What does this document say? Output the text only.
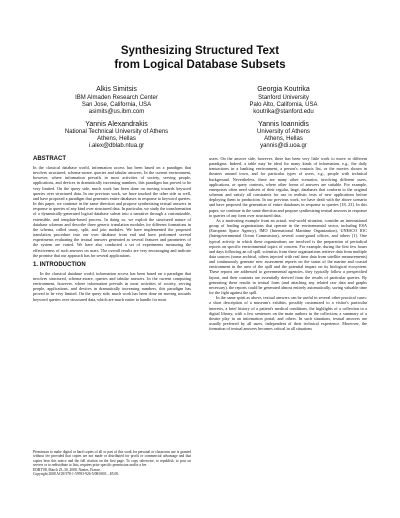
Synthesizing Structured Text
from Logical Database Subsets
Alkis Simitsis
IBM Almaden Research Center
San Jose, California, USA
asimits@us.ibm.com
Georgia Koutrika
Stanford University
Palo Alto, California, USA
koutrika@stanford.edu
Yannis Alexandrakis
National Technical University of Athens
Athens, Hellas
i.alex@dblab.ntua.gr
Yannis Ioannidis
University of Athens
Athens, Hellas
yannis@di.uoa.gr
ABSTRACT

In the classical database world, information access has been based on a paradigm that involves structured, schema-aware, queries and tabular answers. In the current environment, however, where information prevails in most activities of society, serving people, applications, and devices in dramatically increasing numbers, this paradigm has proved to be very limited. On the query side, much work has been done on moving towards keyword queries over structured data. In our previous work, we have touched the other side as well, and have proposed a paradigm that generates entire databases in response to keyword queries. In this paper, we continue in the same direction and propose synthesizing textual answers in response to queries of any kind over structured data. In particular, we study the transformation of a dynamically-generated logical database subset into a narrative through a customizable, extensible, and template-based process. In doing so, we exploit the structured nature of database schemas and describe three generic translation modules for different formations in the schema, called unary, split, and join modules. We have implemented the proposed translation procedure into our own database front end and have performed several experiments evaluating the textual answers generated as several features and parameters of the system are varied. We have also conducted a set of experiments measuring the effectiveness of such answers on users. The overall results are very encouraging and indicate the promise that our approach has for several applications.

1. INTRODUCTION

In the classical database world, information access has been based on a paradigm that involves structured, schema-aware, queries and tabular answers. In the current computing environment, however, where information prevails in most activities of society, serving people, applications, and devices in dramatically increasing numbers, this paradigm has proved to be very limited. On the query side, much work has been done on moving towards keyword queries over structured data, which are much easier to handle for most

users. On the answer side, however, there has been very little work to move to different paradigms. Indeed, a table may be ideal for many kinds of information, e.g., the daily transactions in a banking environment, a person's contacts list, or the movies shown in theaters around town, and for particular types of users, e.g., people with technical background. Nevertheless, there are many other scenarios, involving different users, applications, or query contexts, where other forms of answers are suitable. For example, enterprises often need subsets of their regular, large, databases that conform to the original schemas and satisfy all constraints for use in realistic tests of new applications before deploying them to production. In our previous work, we have dealt with the above scenario and have proposed the generation of entire databases in response to queries [18, 23]. In this paper, we continue in the same direction and propose synthesizing textual answers in response to queries of any form over structured data.

As a motivating example from an actual, real-world situation, consider an international group of leading organizations that operate in the environmental sector, including ESA (European Space Agency), IMO (International Maritime Organization), UNESCO IOC (Intergovernmental Ocean Commission), several coast-guard offices, and others [1]. One typical activity in which these organizations are involved is the preparation of periodical reports on specific environmental topics of concern. For example, during the first few hours and days following an oil spill, scientists from these organizations retrieve data from multiple data sources (some archival, others injected with real time data from satellite measurements) and continuously generate new assessment reports on the status of the marine and coastal environment in the area of the spill and the potential impact on its biological ecosystem. These reports are addressed to governmental agencies, they typically follow a prespecified layout, and their contents are essentially derived from the results of particular queries. By generating these results in textual form (and attaching any related raw data and graphs necessary), the reports could be generated almost entirely automatically, saving valuable time for the fight against the spill.

In the same spirit as above, textual answers can be useful in several other practical cases: a short description of a museum's exhibits, possibly customized to a visitor's particular interests, a brief history of a patient's medical conditions, the highlights of a collection in a digital library, with a few sentences on the main authors in the collection; a summary of a theatre play in an information portal; and others. In such situations, textual answers are usually preferred by all users, independent of their technical experience. Moreover, the formation of textual answers becomes critical in all situations

Permission to make digital or hard copies of all or part of this work for personal or classroom use is granted without fee provided that copies are not made or distributed for profit or commercial advantage and that copies bear this notice and the full citation on the first page. To copy otherwise, to republish, to post on servers or to redistribute to lists, requires prior specific permission and/or a fee.

EDBT'08, March 25–30, 2008, Nantes, France.

Copyright 2008 ACM 978-1-59593-926-5/08/0003 ...$5.00.
